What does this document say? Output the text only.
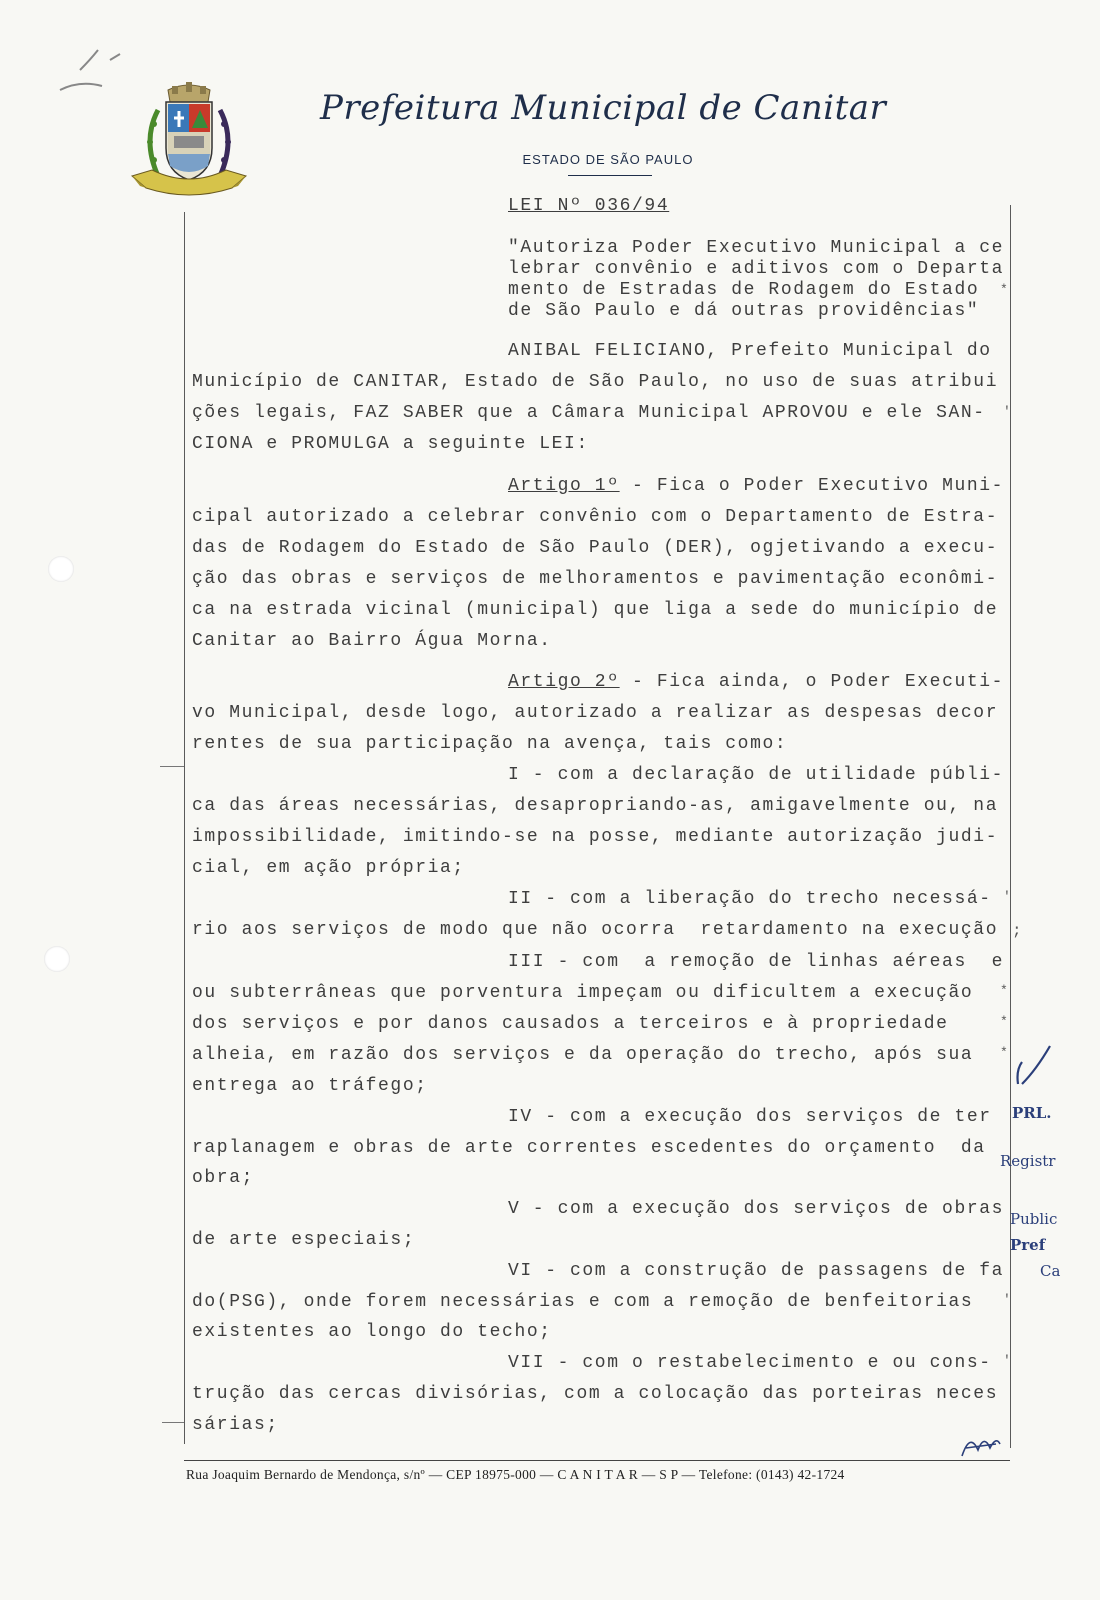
Prefeitura Municipal de Canitar
ESTADO DE SÃO PAULO
LEI Nº 036/94
"Autoriza Poder Executivo Municipal a ce
lebrar convênio e aditivos com o Departa
mento de Estradas de Rodagem do Estado
de São Paulo e dá outras providências"
ANIBAL FELICIANO, Prefeito Municipal do
Município de CANITAR, Estado de São Paulo, no uso de suas atribui
ções legais, FAZ SABER que a Câmara Municipal APROVOU e ele SAN-
CIONA e PROMULGA a seguinte LEI:
Artigo 1º - Fica o Poder Executivo Muni-
cipal autorizado a celebrar convênio com o Departamento de Estra-
das de Rodagem do Estado de São Paulo (DER), ogjetivando a execu-
ção das obras e serviços de melhoramentos e pavimentação econômi-
ca na estrada vicinal (municipal) que liga a sede do município de
Canitar ao Bairro Água Morna.
Artigo 2º - Fica ainda, o Poder Executi-
vo Municipal, desde logo, autorizado a realizar as despesas decor
rentes de sua participação na avença, tais como:
I - com a declaração de utilidade públi-
ca das áreas necessárias, desapropriando-as, amigavelmente ou, na
impossibilidade, imitindo-se na posse, mediante autorização judi-
cial, em ação própria;
II - com a liberação do trecho necessá-
rio aos serviços de modo que não ocorra  retardamento na execução
III - com  a remoção de linhas aéreas  e
ou subterrâneas que porventura impeçam ou dificultem a execução
dos serviços e por danos causados a terceiros e à propriedade
alheia, em razão dos serviços e da operação do trecho, após sua
entrega ao tráfego;
IV - com a execução dos serviços de ter
raplanagem e obras de arte correntes escedentes do orçamento  da
obra;
V - com a execução dos serviços de obras
de arte especiais;
VI - com a construção de passagens de fa
do(PSG), onde forem necessárias e com a remoção de benfeitorias
existentes ao longo do techo;
VII - com o restabelecimento e ou cons-
trução das cercas divisórias, com a colocação das porteiras neces
sárias;
*
*
*
*
'
'
'
'
;
PRL.
Registr
Public
Pref
Ca
Rua Joaquim Bernardo de Mendonça, s/nº — CEP 18975-000 — C A N I T A R — S P — Telefone: (0143) 42-1724
